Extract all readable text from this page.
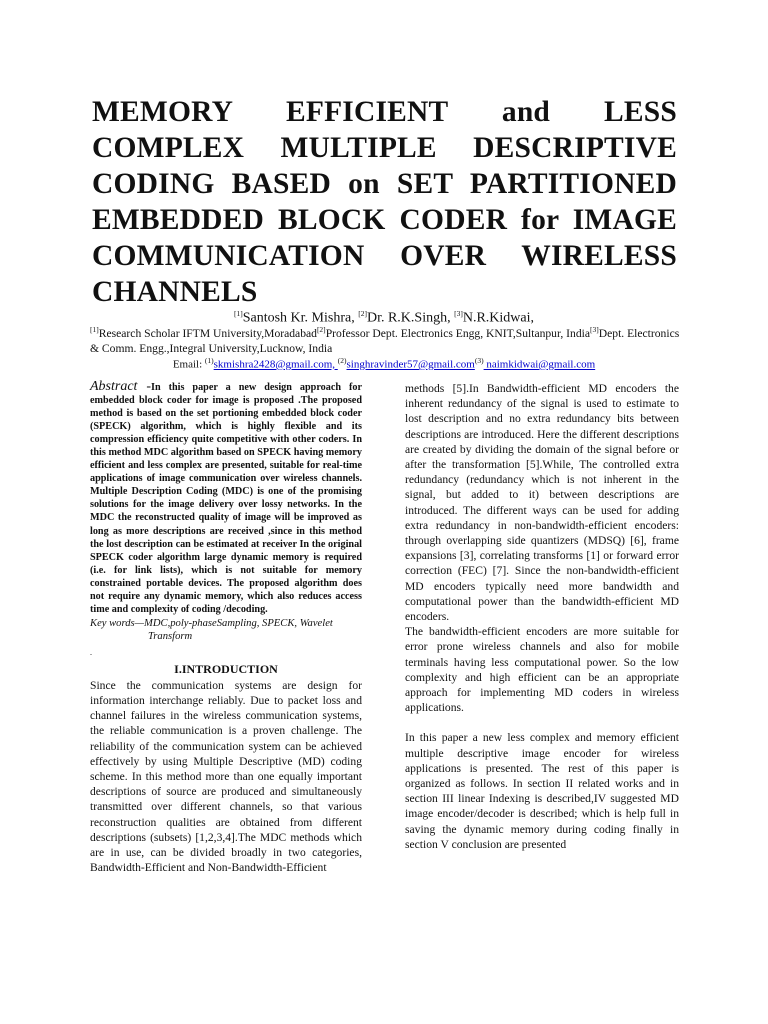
MEMORY EFFICIENT and LESS COMPLEX MULTIPLE DESCRIPTIVE CODING BASED on SET PARTITIONED EMBEDDED BLOCK CODER for IMAGE COMMUNICATION OVER WIRELESS CHANNELS
[1]Santosh Kr. Mishra, [2]Dr. R.K.Singh, [3]N.R.Kidwai,
[1]Research Scholar IFTM University,Moradabad[2]Professor Dept. Electronics Engg, KNIT,Sultanpur, India[3]Dept. Electronics & Comm. Engg.,Integral University,Lucknow, India
Email: $^{(1)}$skmishra2428@gmail.com, $^{(2)}$singhravinder57@gmail.com$^{(3)}$ naimkidwai@gmail.com

Abstract -In this paper a new design approach for embedded block coder for image is proposed .The proposed method is based on the set portioning embedded block coder (SPECK) algorithm, which is highly flexible and its compression efficiency quite competitive with other coders. In this method MDC algorithm based on SPECK having memory efficient and less complex are presented, suitable for real-time applications of image communication over wireless channels. Multiple Description Coding (MDC) is one of the promising solutions for the image delivery over lossy networks. In the MDC the reconstructed quality of image will be improved as long as more descriptions are received ,since in this method the lost description can be estimated at receiver In the original SPECK coder algorithm large dynamic memory is required (i.e. for link lists), which is not suitable for memory constrained portable devices. The proposed algorithm does not require any dynamic memory, which also reduces access time and complexity of coding /decoding.

Key words—MDC,poly-phaseSampling, SPECK, Wavelet
Transform

.

I.INTRODUCTION

Since the communication systems are design for information interchange reliably. Due to packet loss and channel failures in the wireless communication systems, the reliable communication is a proven challenge. The reliability of the communication system can be achieved effectively by using Multiple Descriptive (MD) coding scheme. In this method more than one equally important descriptions of source are produced and simultaneously transmitted over different channels, so that various reconstruction qualities are obtained from different descriptions (subsets) [1,2,3,4].The MDC methods which are in use, can be divided broadly in two categories, Bandwidth-Efficient and Non-Bandwidth-Efficient

methods [5].In Bandwidth-efficient MD encoders the inherent redundancy of the signal is used to estimate to lost description and no extra redundancy bits between descriptions are introduced. Here the different descriptions are created by dividing the domain of the signal before or after the transformation [5].While, The controlled extra redundancy (redundancy which is not inherent in the signal, but added to it) between descriptions are introduced. The different ways can be used for adding extra redundancy in non-bandwidth-efficient encoders: through overlapping side quantizers (MDSQ) [6], frame expansions [3], correlating transforms [1] or forward error correction (FEC) [7]. Since the non-bandwidth-efficient MD encoders typically need more bandwidth and computational power than the bandwidth-efficient MD encoders.

The bandwidth-efficient encoders are more suitable for error prone wireless channels and also for mobile terminals having less computational power. So the low complexity and high efficient can be an appropriate approach for implementing MD coders in wireless applications.

In this paper a new less complex and memory efficient multiple descriptive image encoder for wireless applications is presented. The rest of this paper is organized as follows. In section II related works and in section III linear Indexing is described,IV suggested MD image encoder/decoder is described; which is help full in saving the dynamic memory during coding finally in section V conclusion are presented
